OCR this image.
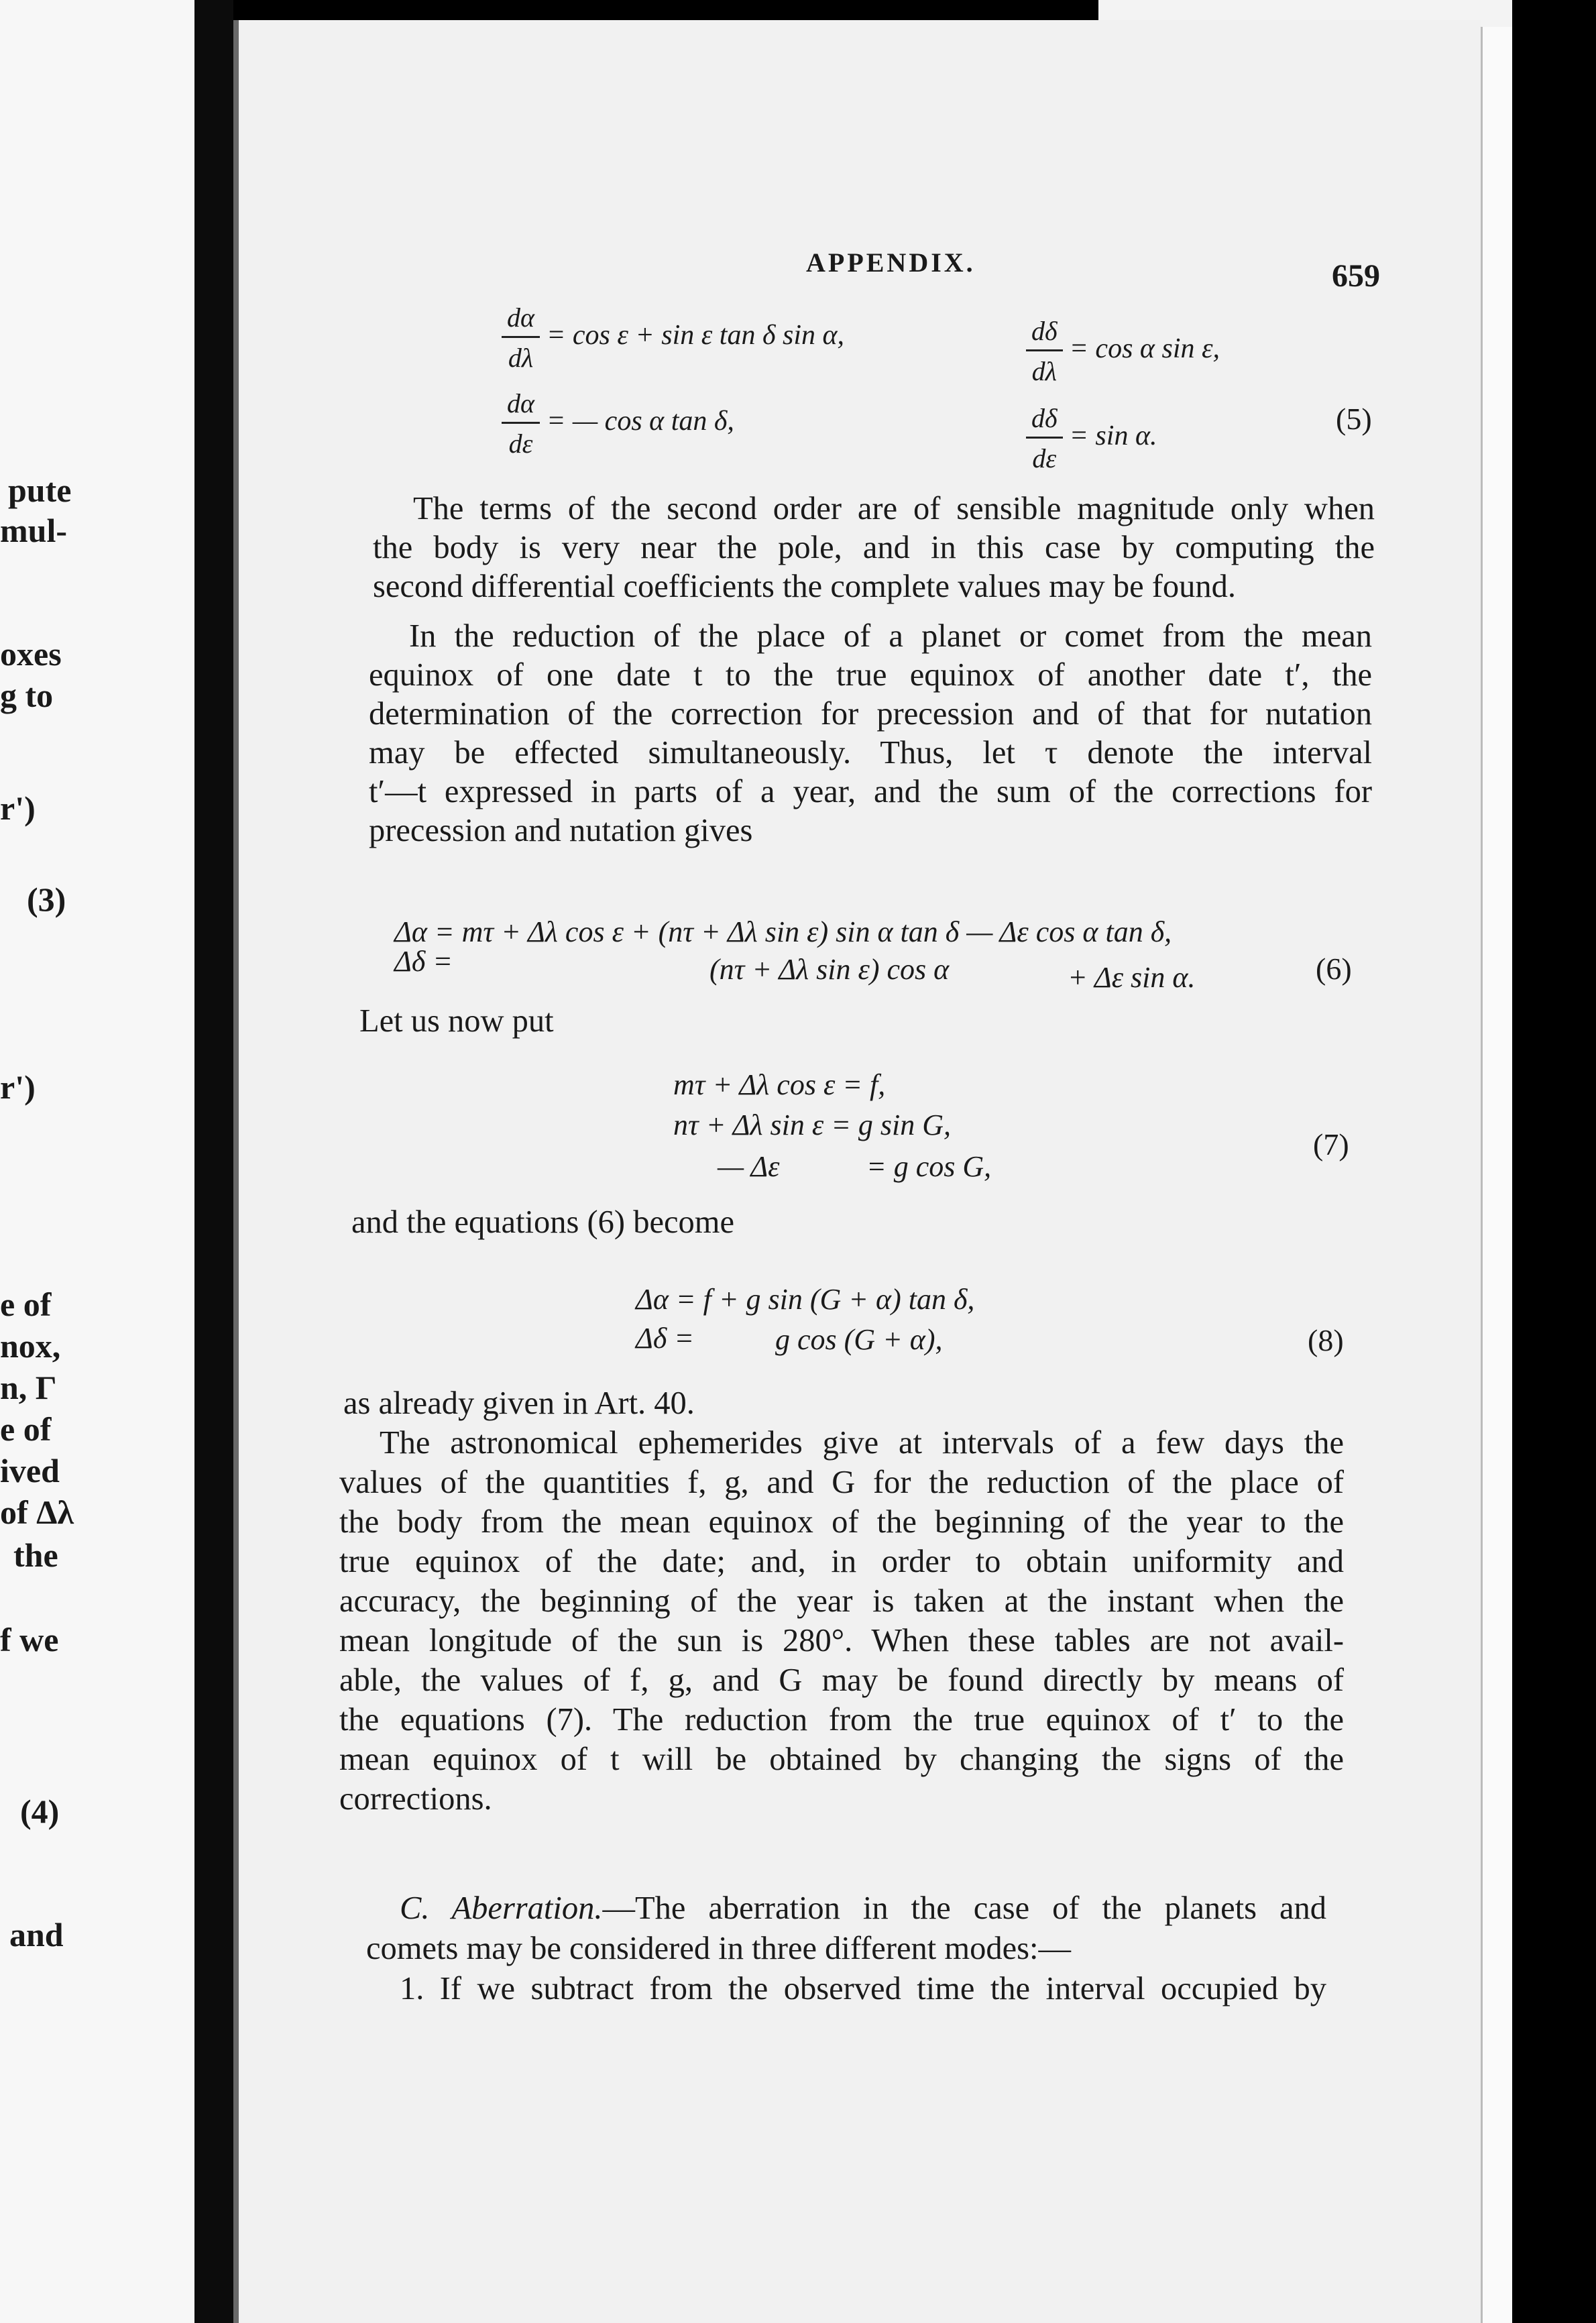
pute
mul-
oxes
g to
r')
(3)
r')
e of
nox,
n, Γ
e of
ived
of Δλ
the
f we
(4)
and
APPENDIX.	659
$\frac{d\alpha}{d\lambda} = \cos \varepsilon + \sin \varepsilon$ tan δ sin α,	$\frac{d\delta}{d\lambda} = \cos \alpha$ sin ε,
$\frac{d\alpha}{d\varepsilon}$ = — cos α tan δ,	$\frac{d\delta}{d\varepsilon} = \sin \alpha$.
(5)
The terms of the second order are of sensible magnitude only when
the body is very near the pole, and in this case by computing the
second differential coefficients the complete values may be found.
In the reduction of the place of a planet or comet from the mean
equinox of one date t to the true equinox of another date t′, the
determination of the correction for precession and of that for nutation
may be effected simultaneously. Thus, let τ denote the interval
t′—t expressed in parts of a year, and the sum of the corrections for
precession and nutation gives
Δα = mτ + Δλ cos ε + (nτ + Δλ sin ε) sin α tan δ — Δε cos α tan δ,
Δδ =	(nτ + Δλ sin ε) cos α	+ Δε sin α.	(6)
Let us now put
mτ + Δλ cos ε = f,
nτ + Δλ sin ε = g sin G,
— Δε	= g cos G,
(7)
and the equations (6) become
Δα = f + g sin (G + α) tan δ,
Δδ =	g cos (G + α),	(8)
as already given in Art. 40.
The astronomical ephemerides give at intervals of a few days the
values of the quantities f, g, and G for the reduction of the place of
the body from the mean equinox of the beginning of the year to the
true equinox of the date; and, in order to obtain uniformity and
accuracy, the beginning of the year is taken at the instant when the
mean longitude of the sun is 280°. When these tables are not avail-
able, the values of f, g, and G may be found directly by means of
the equations (7). The reduction from the true equinox of t′ to the
mean equinox of t will be obtained by changing the signs of the
corrections.
C. Aberration.—The aberration in the case of the planets and
comets may be considered in three different modes:—
1. If we subtract from the observed time the interval occupied by
